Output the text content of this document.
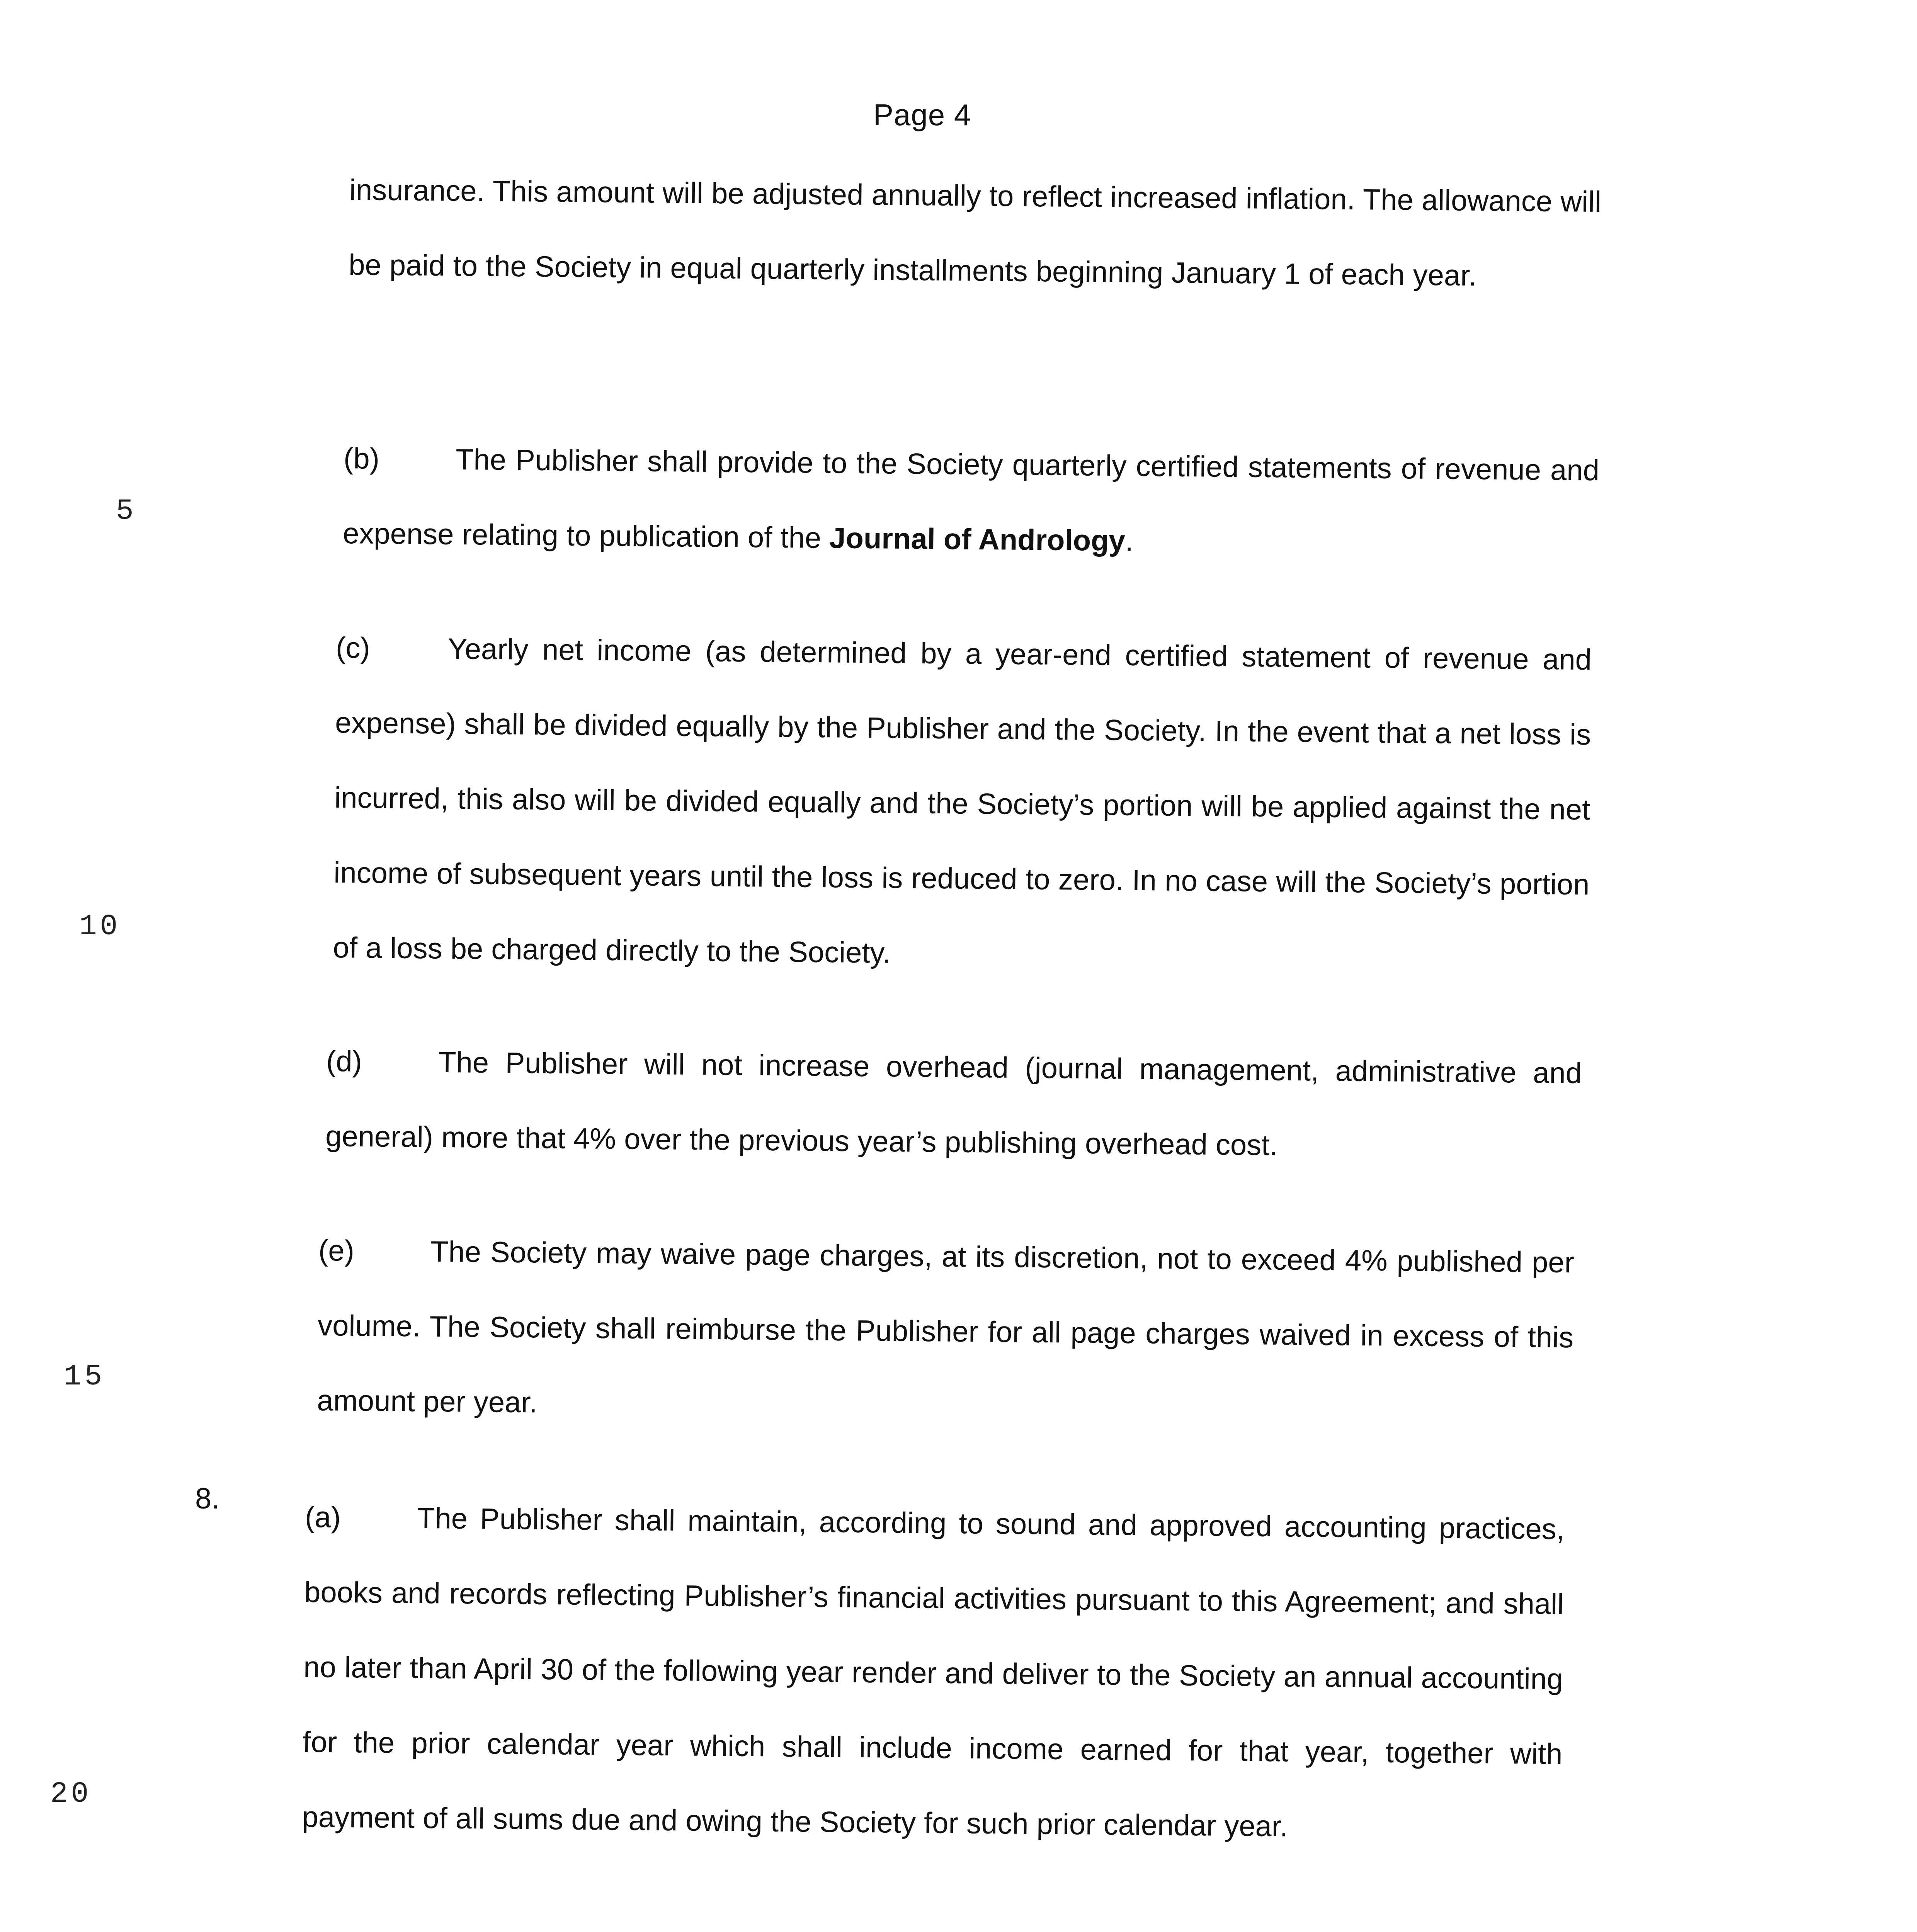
Page 4

insurance. This amount will be adjusted annually to reflect increased inflation. The allowance will be paid to the Society in equal quarterly installments beginning January 1 of each year.

(b)	The Publisher shall provide to the Society quarterly certified statements of revenue and expense relating to publication of the Journal of Andrology.

(c)	Yearly net income (as determined by a year-end certified statement of revenue and expense) shall be divided equally by the Publisher and the Society. In the event that a net loss is incurred, this also will be divided equally and the Society’s portion will be applied against the net income of subsequent years until the loss is reduced to zero. In no case will the Society’s portion of a loss be charged directly to the Society.

(d)	The Publisher will not increase overhead (journal management, administrative and general) more that 4% over the previous year’s publishing overhead cost.

(e)	The Society may waive page charges, at its discretion, not to exceed 4% published per volume. The Society shall reimburse the Publisher for all page charges waived in excess of this amount per year.

8.

(a)	The Publisher shall maintain, according to sound and approved accounting practices, books and records reflecting Publisher’s financial activities pursuant to this Agreement; and shall no later than April 30 of the following year render and deliver to the Society an annual accounting for the prior calendar year which shall include income earned for that year, together with payment of all sums due and owing the Society for such prior calendar year.

5
10
15
20
